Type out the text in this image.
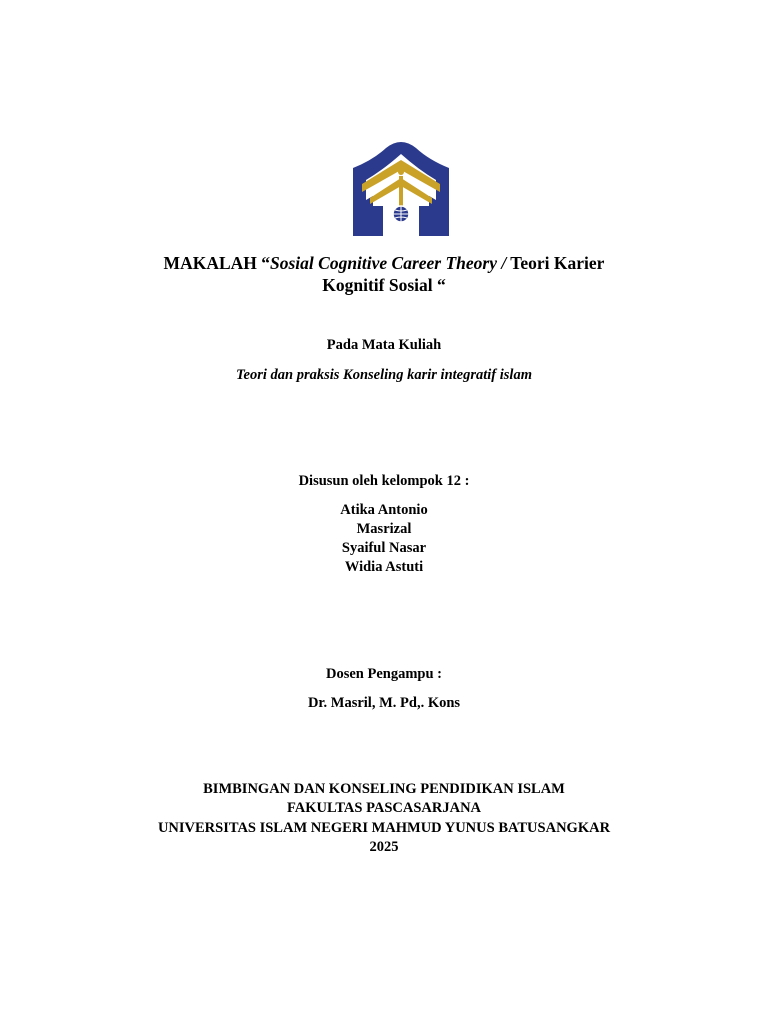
MAKALAH “Sosial Cognitive Career Theory / Teori Karier
Kognitif Sosial “
Pada Mata Kuliah
Teori dan praksis Konseling karir integratif islam
Disusun oleh kelompok 12 :
Atika Antonio
Masrizal
Syaiful Nasar
Widia Astuti
Dosen Pengampu :
Dr. Masril, M. Pd,. Kons
BIMBINGAN DAN KONSELING PENDIDIKAN ISLAM
FAKULTAS PASCASARJANA
UNIVERSITAS ISLAM NEGERI MAHMUD YUNUS BATUSANGKAR
2025
